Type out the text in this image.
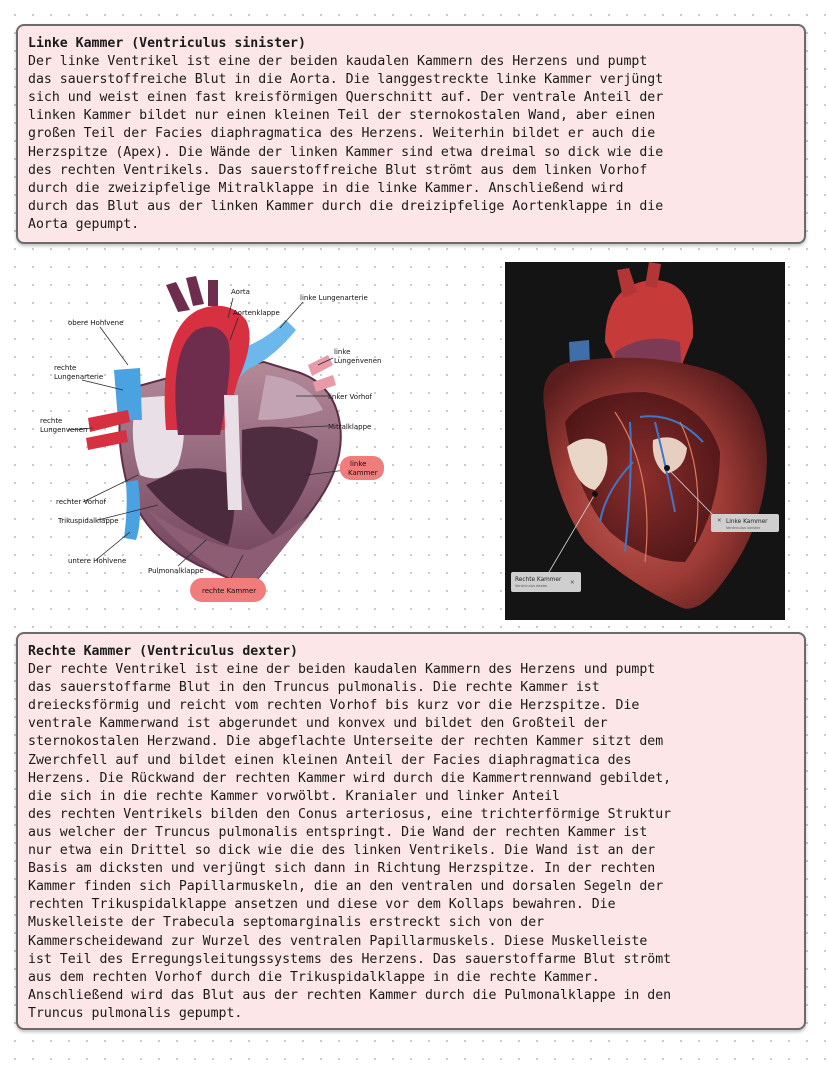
Linke Kammer (Ventriculus sinister)
Der linke Ventrikel ist eine der beiden kaudalen Kammern des Herzens und pumpt
das sauerstoffreiche Blut in die Aorta. Die langgestreckte linke Kammer verjüngt
sich und weist einen fast kreisförmigen Querschnitt auf. Der ventrale Anteil der
linken Kammer bildet nur einen kleinen Teil der sternokostalen Wand, aber einen
großen Teil der Facies diaphragmatica des Herzens. Weiterhin bildet er auch die
Herzspitze (Apex). Die Wände der linken Kammer sind etwa dreimal so dick wie die
des rechten Ventrikels. Das sauerstoffreiche Blut strömt aus dem linken Vorhof
durch die zweizipfelige Mitralklappe in die linke Kammer. Anschließend wird
durch das Blut aus der linken Kammer durch die dreizipfelige Aortenklappe in die
Aorta gepumpt.
Aorta
Aortenklappe
linke Lungenarterie
obere Hohlvene
rechte
Lungenarterie
linke
Lungenvenen
linker Vorhof
rechte
Lungenvenen	Mitralklappe
linke
Kammer
rechter Vorhof
Trikuspidalklappe
untere Hohlvene
Pulmonalklappe
rechte Kammer
✕ Linke Kammer
Ventriculus sinister
Rechte Kammer
Ventriculus dexter	✕
Rechte Kammer (Ventriculus dexter)
Der rechte Ventrikel ist eine der beiden kaudalen Kammern des Herzens und pumpt
das sauerstoffarme Blut in den Truncus pulmonalis. Die rechte Kammer ist
dreiecksförmig und reicht vom rechten Vorhof bis kurz vor die Herzspitze. Die
ventrale Kammerwand ist abgerundet und konvex und bildet den Großteil der
sternokostalen Herzwand. Die abgeflachte Unterseite der rechten Kammer sitzt dem
Zwerchfell auf und bildet einen kleinen Anteil der Facies diaphragmatica des
Herzens. Die Rückwand der rechten Kammer wird durch die Kammertrennwand gebildet,
die sich in die rechte Kammer vorwölbt. Kranialer und linker Anteil
des rechten Ventrikels bilden den Conus arteriosus, eine trichterförmige Struktur
aus welcher der Truncus pulmonalis entspringt. Die Wand der rechten Kammer ist
nur etwa ein Drittel so dick wie die des linken Ventrikels. Die Wand ist an der
Basis am dicksten und verjüngt sich dann in Richtung Herzspitze. In der rechten
Kammer finden sich Papillarmuskeln, die an den ventralen und dorsalen Segeln der
rechten Trikuspidalklappe ansetzen und diese vor dem Kollaps bewahren. Die
Muskelleiste der Trabecula septomarginalis erstreckt sich von der
Kammerscheidewand zur Wurzel des ventralen Papillarmuskels. Diese Muskelleiste
ist Teil des Erregungsleitungssystems des Herzens. Das sauerstoffarme Blut strömt
aus dem rechten Vorhof durch die Trikuspidalklappe in die rechte Kammer.
Anschließend wird das Blut aus der rechten Kammer durch die Pulmonalklappe in den
Truncus pulmonalis gepumpt.
